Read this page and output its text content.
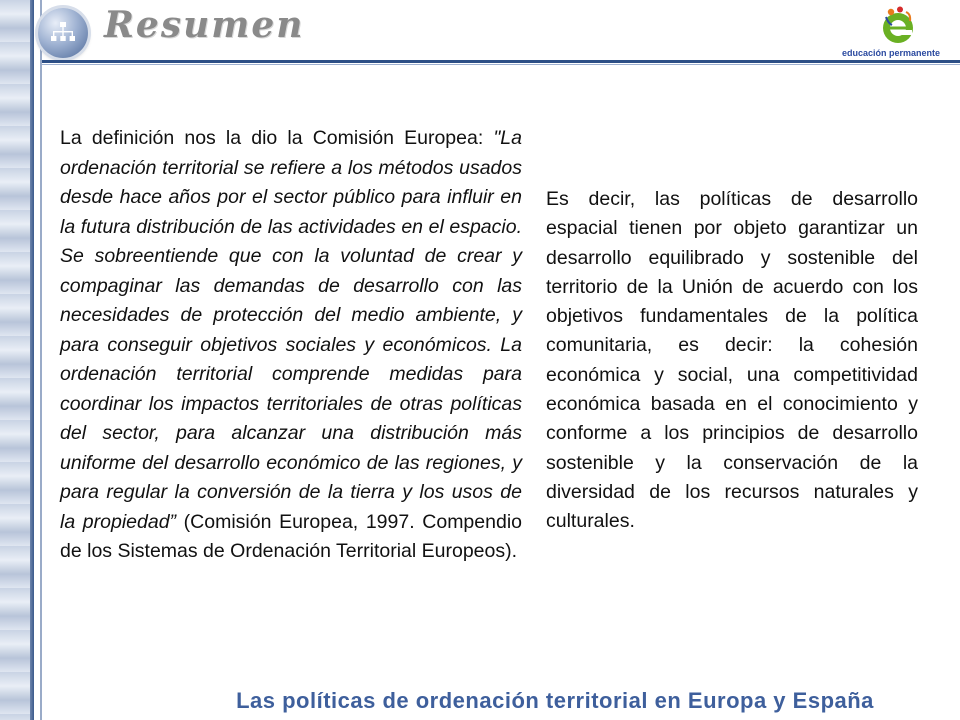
Resumen
educación permanente
La definición nos la dio la Comisión Europea: "La ordenación territorial se refiere a los métodos usados desde hace años por el sector público para influir en la futura distribución de las actividades en el espacio. Se sobreentiende que con la voluntad de crear y compaginar las demandas de desarrollo con las necesidades de protección del medio ambiente, y para conseguir objetivos sociales y económicos. La ordenación territorial comprende medidas para coordinar los impactos territoriales de otras políticas del sector, para alcanzar una distribución más uniforme del desarrollo económico de las regiones, y para regular la conversión de la tierra y los usos de la propiedad” (Comisión Europea, 1997. Compendio de los Sistemas de Ordenación Territorial Europeos).
Es decir, las políticas de desarrollo espacial tienen por objeto garantizar un desarrollo equilibrado y sostenible del territorio de la Unión de acuerdo con los objetivos fundamentales de la política comunitaria, es decir: la cohesión económica y social, una competitividad económica basada en el conocimiento y conforme a los principios de desarrollo sostenible y la conservación de la diversidad de los recursos naturales y culturales.
Las políticas de ordenación territorial en Europa y España
